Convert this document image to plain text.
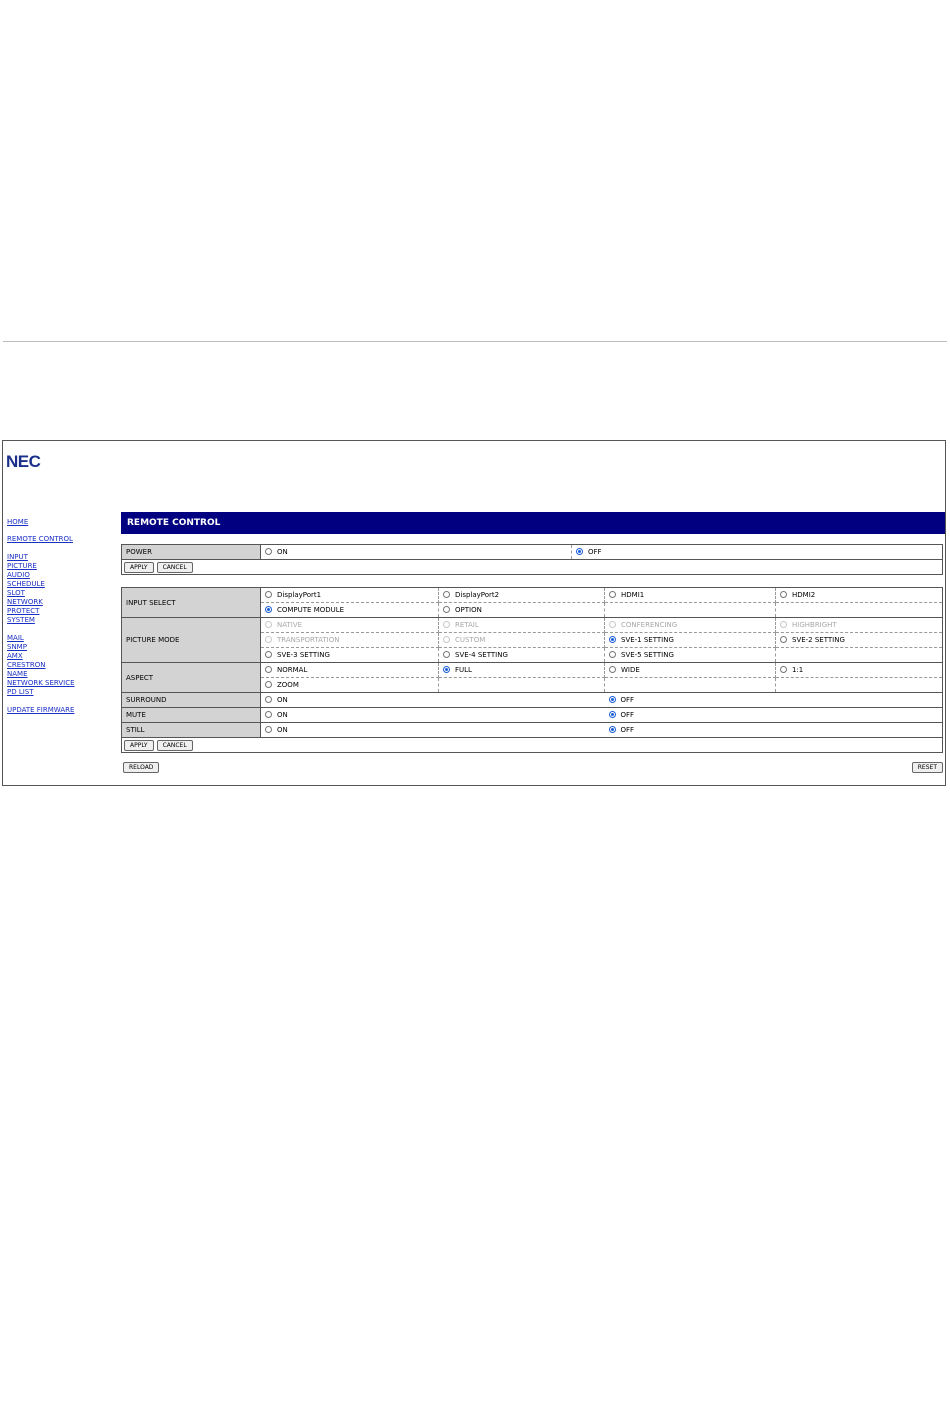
NEC
HOME
REMOTE CONTROL
INPUT
PICTURE
AUDIO
SCHEDULE
SLOT
NETWORK
PROTECT
SYSTEM
MAIL
SNMP
AMX
CRESTRON
NAME
NETWORK SERVICE
PD LIST
UPDATE FIRMWARE
REMOTE CONTROL
POWER	ON	OFF
APPLY	CANCEL
INPUT SELECT	DisplayPort1	DisplayPort2	HDMI1	HDMI2
	COMPUTE MODULE	OPTION		
PICTURE MODE	NATIVE	RETAIL	CONFERENCING	HIGHBRIGHT
	TRANSPORTATION	CUSTOM	SVE-1 SETTING	SVE-2 SETTING
	SVE-3 SETTING	SVE-4 SETTING	SVE-5 SETTING	
ASPECT	NORMAL	FULL	WIDE	1:1
	ZOOM			
SURROUND	ON		OFF	
MUTE	ON		OFF	
STILL	ON		OFF	
APPLY	CANCEL
RELOAD	RESET
